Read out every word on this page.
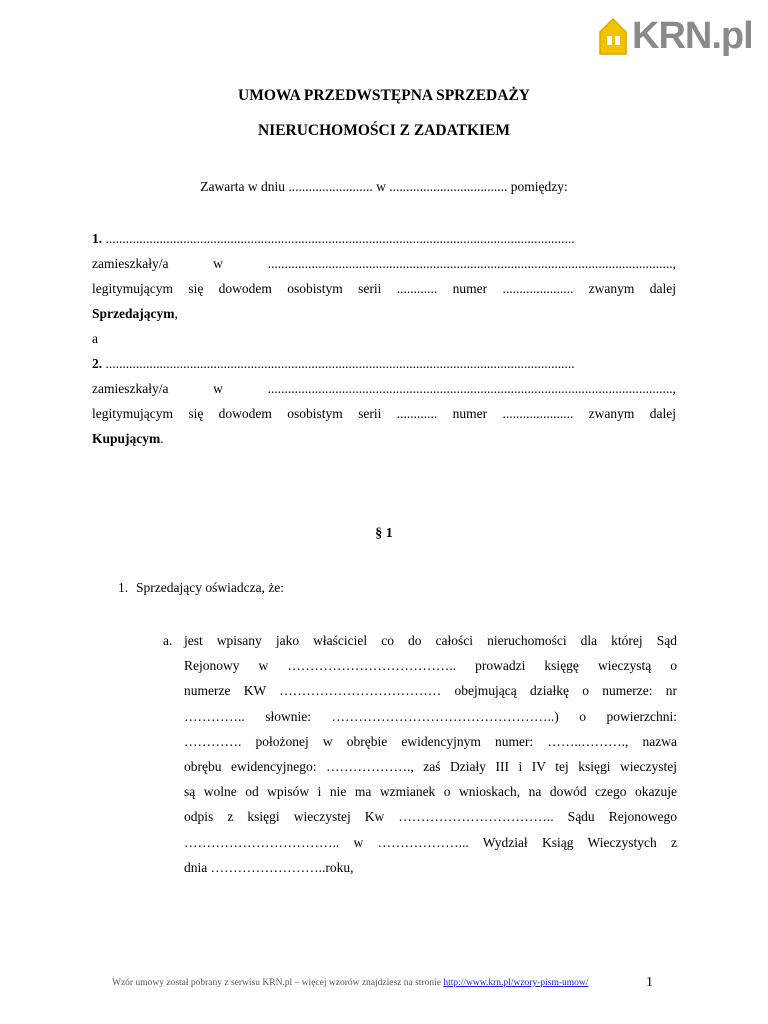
KRN.pl
UMOWA PRZEDWSTĘPNA SPRZEDAŻY
NIERUCHOMOŚCI Z ZADATKIEM
Zawarta w dniu ......................... w ................................... pomiędzy:
1. ...........................................................................................................................................
zamieszkały/a w ........................................................................................................................,
legitymującym się dowodem osobistym serii ............ numer ..................... zwanym dalej
Sprzedającym,
a
2. ...........................................................................................................................................
zamieszkały/a w ........................................................................................................................,
legitymującym się dowodem osobistym serii ............ numer ..................... zwanym dalej
Kupującym.
§ 1
1. Sprzedający oświadcza, że:
a. jest wpisany jako właściciel co do całości nieruchomości dla której Sąd
Rejonowy w ……………………………….. prowadzi księgę wieczystą o
numerze KW ……………………………… obejmującą działkę o numerze: nr
………….. słownie: …………………………………………..) o powierzchni:
…………. położonej w obrębie ewidencyjnym numer: ……..………., nazwa
obrębu ewidencyjnego: ………………., zaś Działy III i IV tej księgi wieczystej
są wolne od wpisów i nie ma wzmianek o wnioskach, na dowód czego okazuje
odpis z księgi wieczystej Kw …………………………….. Sądu Rejonowego
…………………………….. w ………………... Wydział Ksiąg Wieczystych z
dnia ……………………..roku,
Wzór umowy został pobrany z serwisu KRN.pl – więcej wzorów znajdziesz na stronie http://www.krn.pl/wzory-pism-umow/	1
